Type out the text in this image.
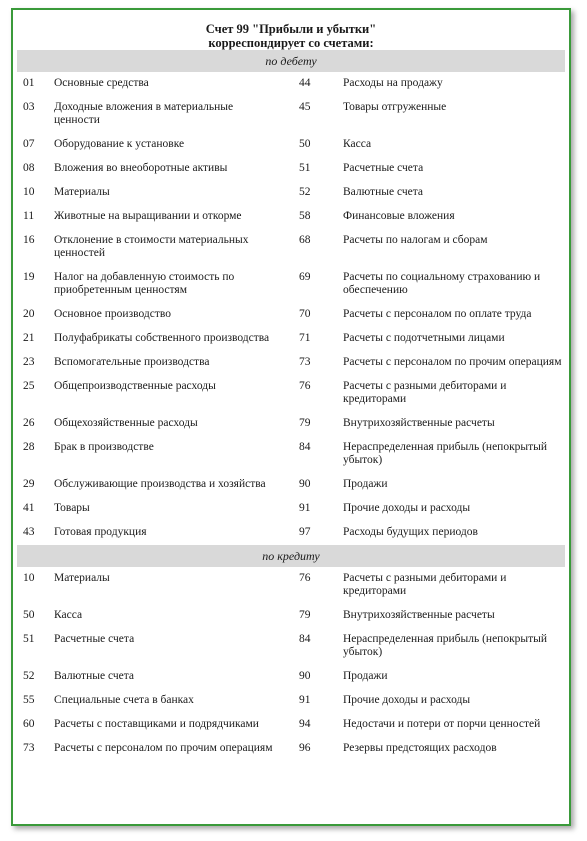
Счет 99 "Прибыли и убытки"
корреспондирует со счетами:
по дебету
01	Основные средства	44	Расходы на продажу
03	Доходные вложения в материальные ценности	45	Товары отгруженные
07	Оборудование к установке	50	Касса
08	Вложения во внеоборотные активы	51	Расчетные счета
10	Материалы	52	Валютные счета
11	Животные на выращивании и откорме	58	Финансовые вложения
16	Отклонение в стоимости материальных ценностей	68	Расчеты по налогам и сборам
19	Налог на добавленную стоимость по приобретенным ценностям	69	Расчеты по социальному страхованию и обеспечению
20	Основное производство	70	Расчеты с персоналом по оплате труда
21	Полуфабрикаты собственного производства	71	Расчеты с подотчетными лицами
23	Вспомогательные производства	73	Расчеты с персоналом по прочим операциям
25	Общепроизводственные расходы	76	Расчеты с разными дебиторами и кредиторами
26	Общехозяйственные расходы	79	Внутрихозяйственные расчеты
28	Брак в производстве	84	Нераспределенная прибыль (непокрытый убыток)
29	Обслуживающие производства и хозяйства	90	Продажи
41	Товары	91	Прочие доходы и расходы
43	Готовая продукция	97	Расходы будущих периодов
по кредиту
10	Материалы	76	Расчеты с разными дебиторами и кредиторами
50	Касса	79	Внутрихозяйственные расчеты
51	Расчетные счета	84	Нераспределенная прибыль (непокрытый убыток)
52	Валютные счета	90	Продажи
55	Специальные счета в банках	91	Прочие доходы и расходы
60	Расчеты с поставщиками и подрядчиками	94	Недостачи и потери от порчи ценностей
73	Расчеты с персоналом по прочим операциям	96	Резервы предстоящих расходов
